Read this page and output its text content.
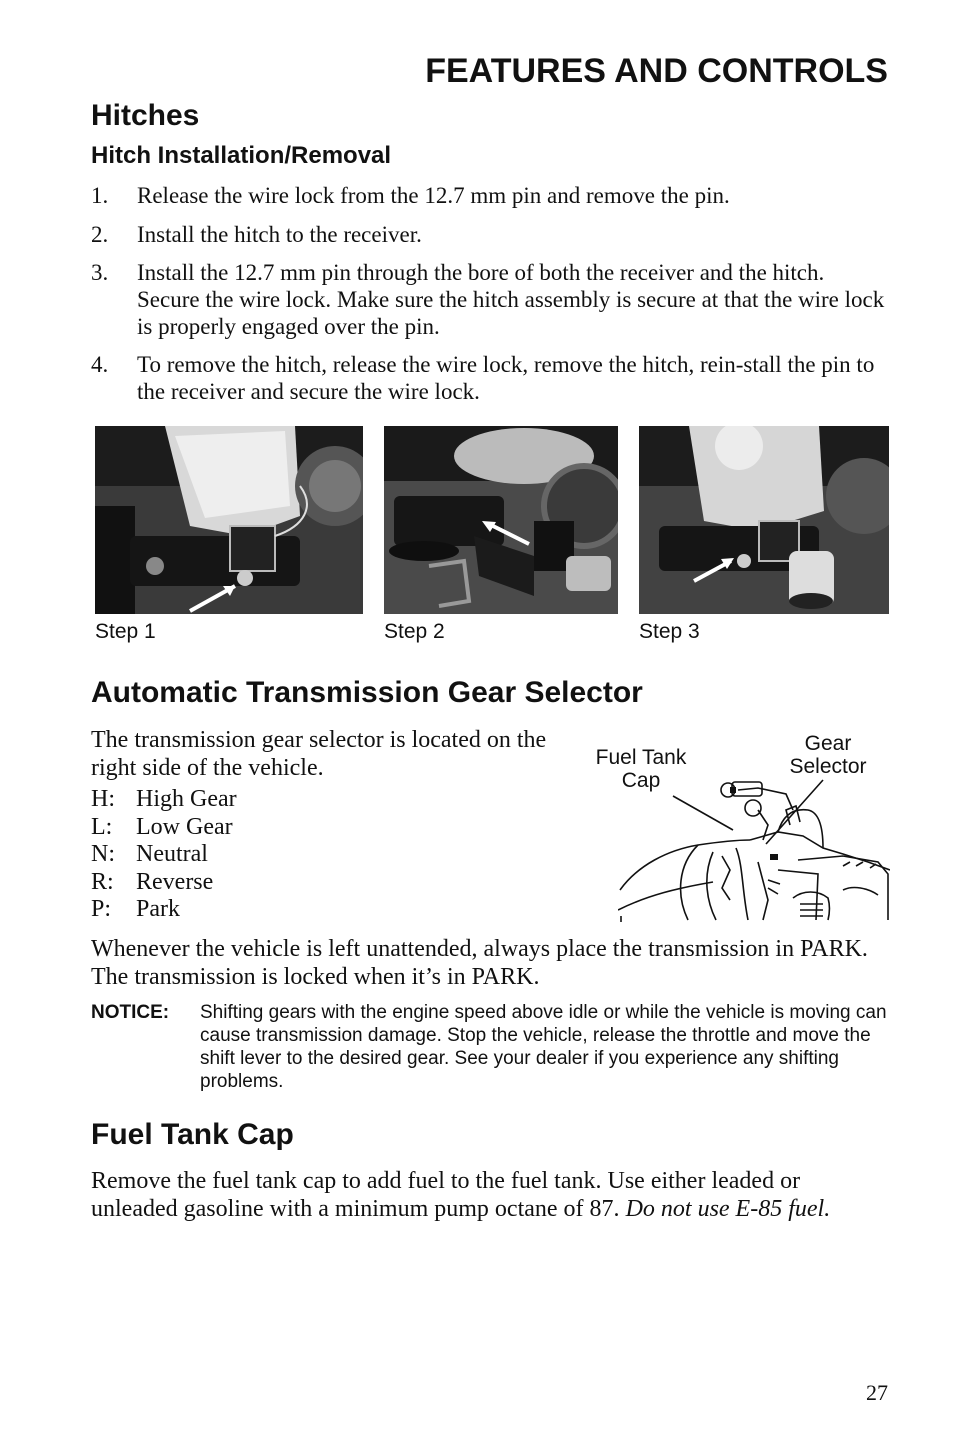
FEATURES AND CONTROLS
Hitches
Hitch Installation/Removal
1. Release the wire lock from the 12.7 mm pin and remove the pin.
2. Install the hitch to the receiver.
3. Install the 12.7 mm pin through the bore of both the receiver and the hitch. Secure the wire lock. Make sure the hitch assembly is secure at that the wire lock is properly engaged over the pin.
4. To remove the hitch, release the wire lock, remove the hitch, rein-stall the pin to the receiver and secure the wire lock.
Step 1	Step 2	Step 3
Automatic Transmission Gear Selector
The transmission gear selector is located on the right side of the vehicle.
H: High Gear
L: Low Gear
N: Neutral
R: Reverse
P: Park
Fuel Tank Cap
Gear Selector
Whenever the vehicle is left unattended, always place the transmission in PARK. The transmission is locked when it’s in PARK.
NOTICE: Shifting gears with the engine speed above idle or while the vehicle is moving can cause transmission damage. Stop the vehicle, release the throttle and move the shift lever to the desired gear. See your dealer if you experience any shifting problems.
Fuel Tank Cap
Remove the fuel tank cap to add fuel to the fuel tank. Use either leaded or unleaded gasoline with a minimum pump octane of 87. Do not use E-85 fuel.
27
